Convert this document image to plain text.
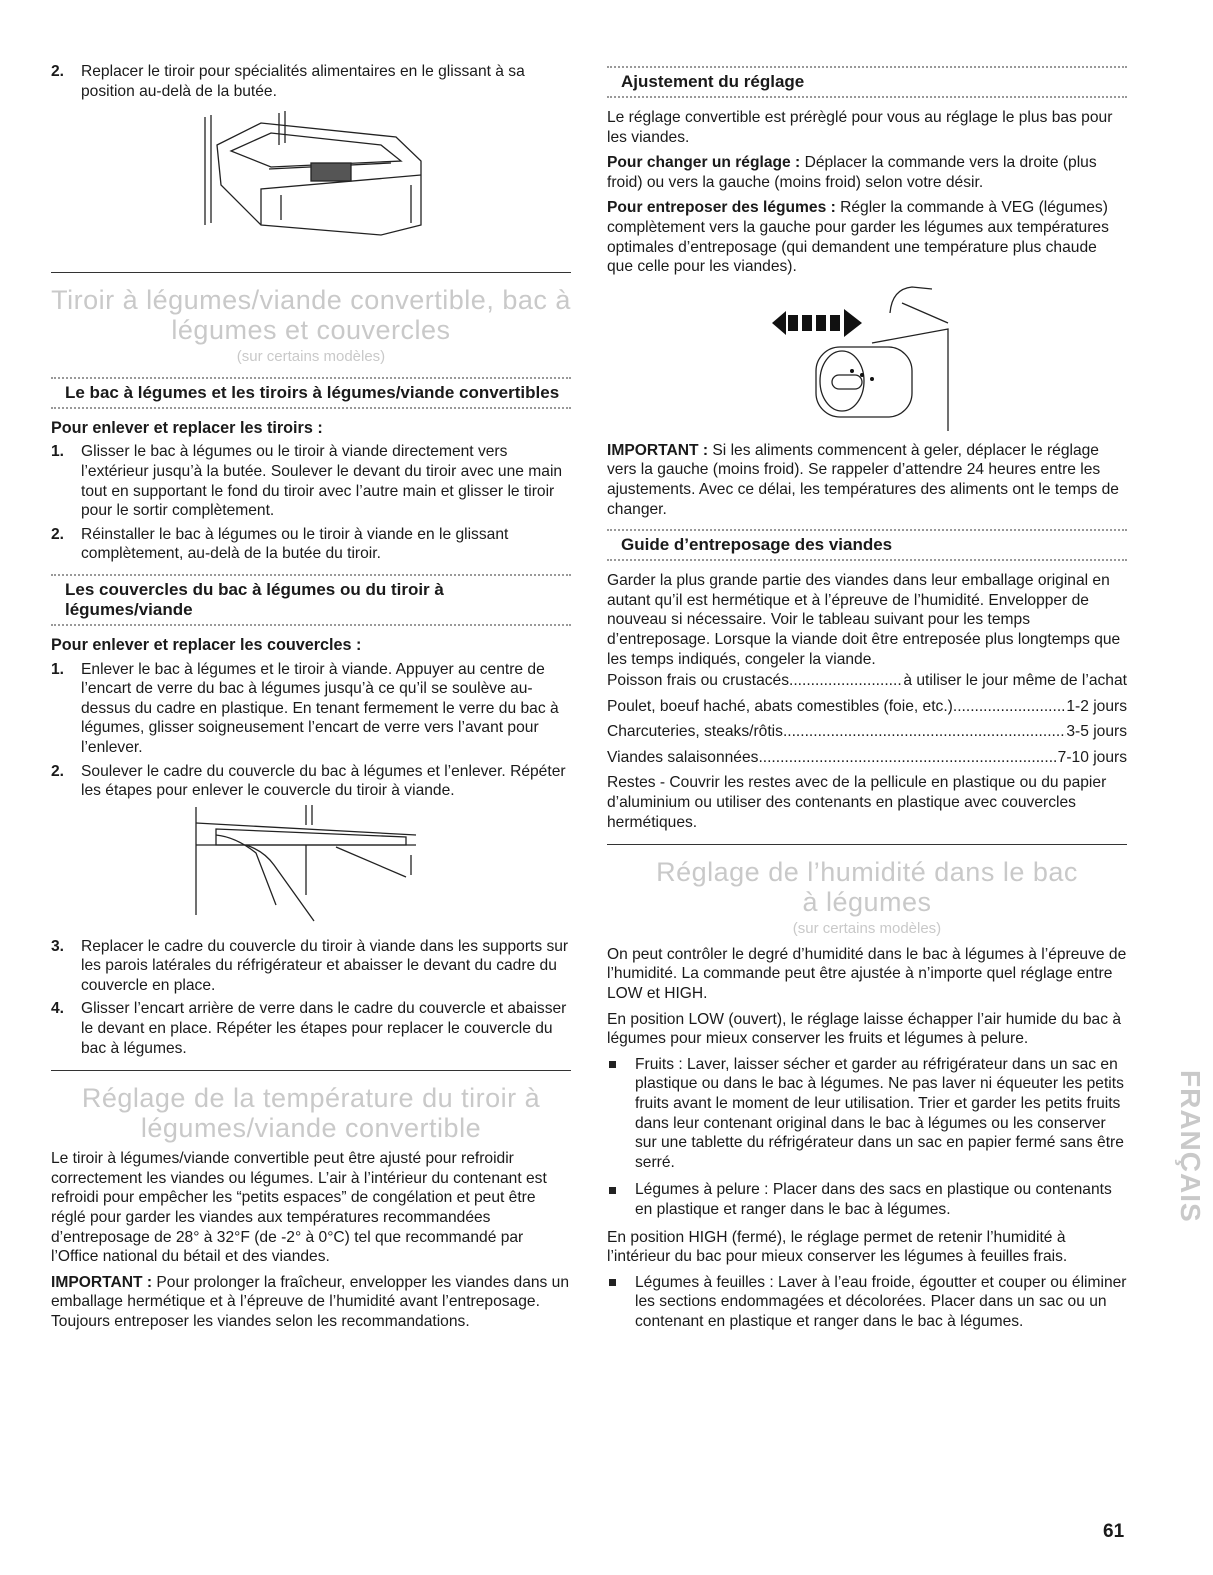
2.	Replacer le tiroir pour spécialités alimentaires en le glissant à sa position au-delà de la butée.

Tiroir à légumes/viande convertible, bac à

légumes et couvercles

(sur certains modèles)

Le bac à légumes et les tiroirs à légumes/viande convertibles
Pour enlever et replacer les tiroirs :
1.	Glisser le bac à légumes ou le tiroir à viande directement vers l’extérieur jusqu’à la butée. Soulever le devant du tiroir avec une main tout en supportant le fond du tiroir avec l’autre main et glisser le tiroir pour le sortir complètement.
2.	Réinstaller le bac à légumes ou le tiroir à viande en le glissant complètement, au-delà de la butée du tiroir.
Les couvercles du bac à légumes ou du tiroir à légumes/viande
Pour enlever et replacer les couvercles :
1.	Enlever le bac à légumes et le tiroir à viande. Appuyer au centre de l’encart de verre du bac à légumes jusqu’à ce qu’il se soulève au-dessus du cadre en plastique. En tenant fermement le verre du bac à légumes, glisser soigneusement l’encart de verre vers l’avant pour l’enlever.
2.	Soulever le cadre du couvercle du bac à légumes et l’enlever. Répéter les étapes pour enlever le couvercle du tiroir à viande.
3.	Replacer le cadre du couvercle du tiroir à viande dans les supports sur les parois latérales du réfrigérateur et abaisser le devant du cadre du couvercle en place.
4.	Glisser l’encart arrière de verre dans le cadre du couvercle et abaisser le devant en place. Répéter les étapes pour replacer le couvercle du bac à légumes.

Réglage de la température du tiroir à

légumes/viande convertible

Le tiroir à légumes/viande convertible peut être ajusté pour refroidir correctement les viandes ou légumes. L’air à l’intérieur du contenant est refroidi pour empêcher les “petits espaces” de congélation et peut être réglé pour garder les viandes aux températures recommandées d’entreposage de 28° à 32°F (de -2° à 0°C) tel que recommandé par l’Office national du bétail et des viandes.

IMPORTANT : Pour prolonger la fraîcheur, envelopper les viandes dans un emballage hermétique et à l’épreuve de l’humidité avant l’entreposage. Toujours entreposer les viandes selon les recommandations.

Ajustement du réglage

Le réglage convertible est prérèglé pour vous au réglage le plus bas pour les viandes.

Pour changer un réglage : Déplacer la commande vers la droite (plus froid) ou vers la gauche (moins froid) selon votre désir.

Pour entreposer des légumes : Régler la commande à VEG (légumes) complètement vers la gauche pour garder les légumes aux températures optimales d’entreposage (qui demandent une température plus chaude que celle pour les viandes).

IMPORTANT : Si les aliments commencent à geler, déplacer le réglage vers la gauche (moins froid). Se rappeler d’attendre 24 heures entre les ajustements. Avec ce délai, les températures des aliments ont le temps de changer.

Guide d’entreposage des viandes

Garder la plus grande partie des viandes dans leur emballage original en autant qu’il est hermétique et à l’épreuve de l’humidité. Envelopper de nouveau si nécessaire. Voir le tableau suivant pour les temps d’entreposage. Lorsque la viande doit être entreposée plus longtemps que les temps indiqués, congeler la viande.

Poisson frais ou crustacés .....	à utiliser le jour même de l’achat
Poulet, boeuf haché, abats comestibles (foie, etc.) .....	1-2 jours
Charcuteries, steaks/rôtis .....	3-5 jours
Viandes salaisonnées .....	7-10 jours

Restes - Couvrir les restes avec de la pellicule en plastique ou du papier d’aluminium ou utiliser des contenants en plastique avec couvercles hermétiques.

Réglage de l’humidité dans le bac

à légumes

(sur certains modèles)

On peut contrôler le degré d’humidité dans le bac à légumes à l’épreuve de l’humidité. La commande peut être ajustée à n’importe quel réglage entre LOW et HIGH.

En position LOW (ouvert), le réglage laisse échapper l’air humide du bac à légumes pour mieux conserver les fruits et légumes à pelure.

Fruits : Laver, laisser sécher et garder au réfrigérateur dans un sac en plastique ou dans le bac à légumes. Ne pas laver ni équeuter les petits fruits avant le moment de leur utilisation. Trier et garder les petits fruits dans leur contenant original dans le bac à légumes ou les conserver sur une tablette du réfrigérateur dans un sac en papier fermé sans être serré.
Légumes à pelure : Placer dans des sacs en plastique ou contenants en plastique et ranger dans le bac à légumes.

En position HIGH (fermé), le réglage permet de retenir l’humidité à l’intérieur du bac pour mieux conserver les légumes à feuilles frais.

Légumes à feuilles : Laver à l’eau froide, égoutter et couper ou éliminer les sections endommagées et décolorées. Placer dans un sac ou un contenant en plastique et ranger dans le bac à légumes.
FRANÇAIS
61
